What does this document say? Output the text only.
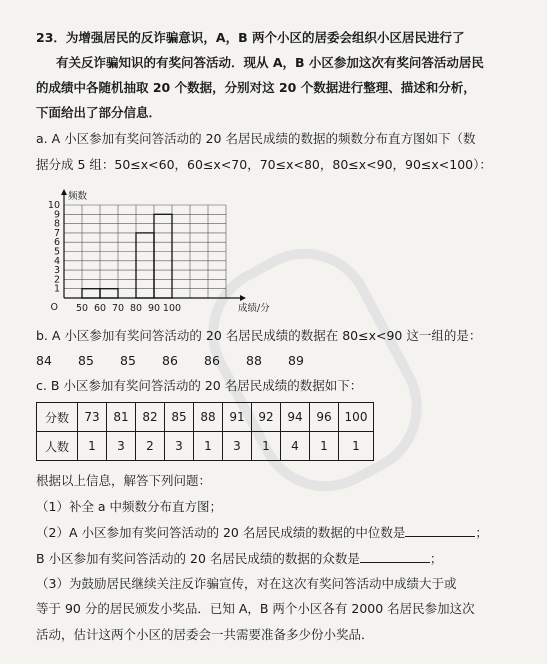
23．为增强居民的反诈骗意识，A，B 两个小区的居委会组织小区居民进行了
有关反诈骗知识的有奖问答活动．现从 A，B 小区参加这次有奖问答活动居民
的成绩中各随机抽取 20 个数据，分别对这 20 个数据进行整理、描述和分析，
下面给出了部分信息．
a. A 小区参加有奖问答活动的 20 名居民成绩的数据的频数分布直方图如下（数
据分成 5 组：50≤x<60，60≤x<70，70≤x<80，80≤x<90，90≤x<100）：
1
2
3
4
5
6
7
8
9
10
50 60 70 80 90 100
O
频数
成绩/分
b. A 小区参加有奖问答活动的 20 名居民成绩的数据在 80≤x<90 这一组的是：
84 85 85 86 86 88 89
c. B 小区参加有奖问答活动的 20 名居民成绩的数据如下：
分数	73	81	82	85	88	91	92	94	96	100
人数	1	3	2	3	1	3	1	4	1	1
根据以上信息，解答下列问题：
（1）补全 a 中频数分布直方图；
（2）A 小区参加有奖问答活动的 20 名居民成绩的数据的中位数是	；
B 小区参加有奖问答活动的 20 名居民成绩的数据的众数是	；
（3）为鼓励居民继续关注反诈骗宣传，对在这次有奖问答活动中成绩大于或
等于 90 分的居民颁发小奖品．已知 A，B 两个小区各有 2000 名居民参加这次
活动，估计这两个小区的居委会一共需要准备多少份小奖品．
